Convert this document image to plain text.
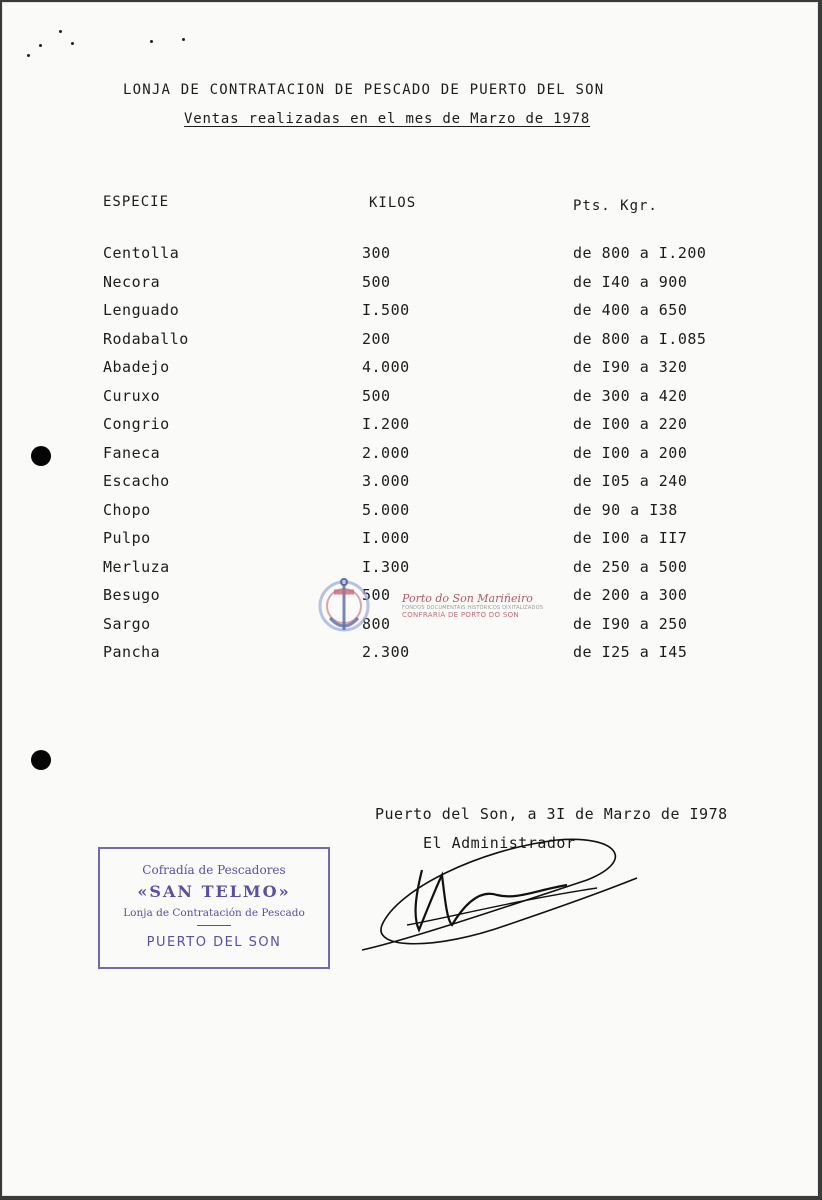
LONJA DE CONTRATACION DE PESCADO DE PUERTO DEL SON
Ventas realizadas en el mes de Marzo de 1978
ESPECIE	KILOS	Pts. Kgr.
Centolla	300	de 800 a I.200
Necora	500	de I40 a 900
Lenguado	I.500	de 400 a 650
Rodaballo	200	de 800 a I.085
Abadejo	4.000	de I90 a 320
Curuxo	500	de 300 a 420
Congrio	I.200	de I00 a 220
Faneca	2.000	de I00 a 200
Escacho	3.000	de I05 a 240
Chopo	5.000	de 90 a I38
Pulpo	I.000	de I00 a II7
Merluza	I.300	de 250 a 500
Besugo	500	de 200 a 300
Sargo	800	de I90 a 250
Pancha	2.300	de I25 a I45
Porto do Son Mariñeiro
FONDOS DOCUMENTAIS HISTÓRICOS DIXITALIZADOS
CONFRARÍA DE PORTO DO SON
Puerto del Son, a 3I de Marzo de I978
El Administrador
Cofradía de Pescadores
«SAN TELMO»
Lonja de Contratación de Pescado
PUERTO DEL SON
